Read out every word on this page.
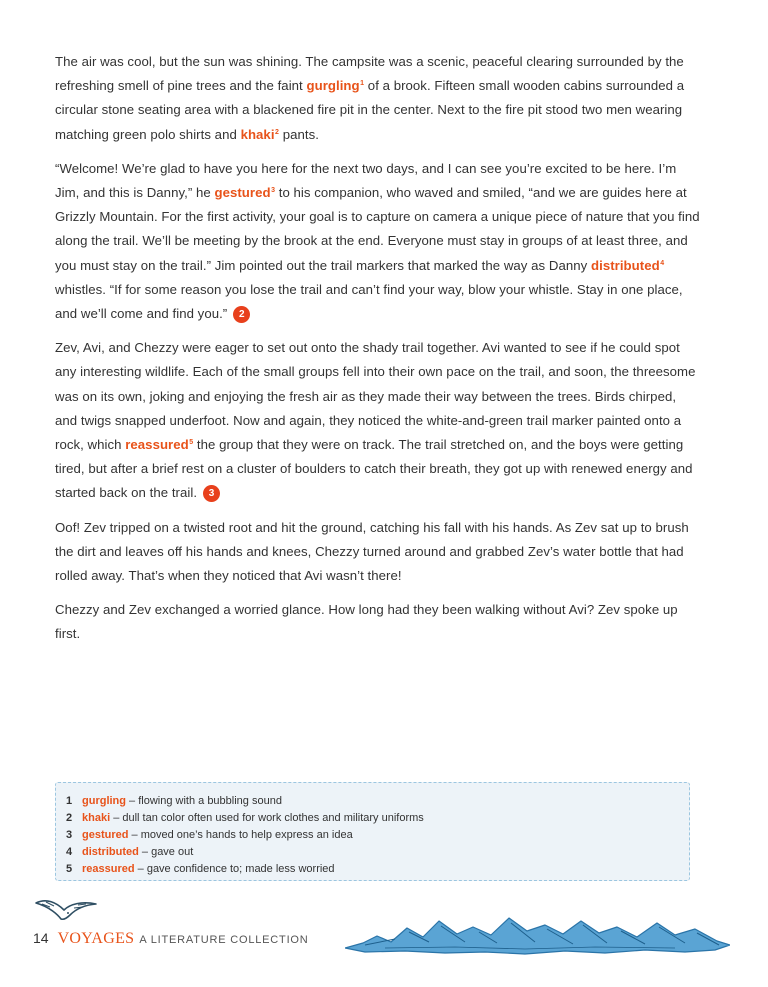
The air was cool, but the sun was shining. The campsite was a scenic, peaceful clearing surrounded by the refreshing smell of pine trees and the faint gurgling$^1$ of a brook. Fifteen small wooden cabins surrounded a circular stone seating area with a blackened fire pit in the center. Next to the fire pit stood two men wearing matching green polo shirts and khaki$^2$ pants.

“Welcome! We’re glad to have you here for the next two days, and I can see you’re excited to be here. I’m Jim, and this is Danny,” he gestured$^3$ to his companion, who waved and smiled, “and we are guides here at Grizzly Mountain. For the first activity, your goal is to capture on camera a unique piece of nature that you find along the trail. We’ll be meeting by the brook at the end. Everyone must stay in groups of at least three, and you must stay on the trail.” Jim pointed out the trail markers that marked the way as Danny distributed$^4$ whistles. “If for some reason you lose the trail and can’t find your way, blow your whistle. Stay in one place, and we’ll come and find you.” 2

Zev, Avi, and Chezzy were eager to set out onto the shady trail together. Avi wanted to see if he could spot any interesting wildlife. Each of the small groups fell into their own pace on the trail, and soon, the threesome was on its own, joking and enjoying the fresh air as they made their way between the trees. Birds chirped, and twigs snapped underfoot. Now and again, they noticed the white-and-green trail marker painted onto a rock, which reassured$^5$ the group that they were on track. The trail stretched on, and the boys were getting tired, but after a brief rest on a cluster of boulders to catch their breath, they got up with renewed energy and started back on the trail. 3

Oof! Zev tripped on a twisted root and hit the ground, catching his fall with his hands. As Zev sat up to brush the dirt and leaves off his hands and knees, Chezzy turned around and grabbed Zev’s water bottle that had rolled away. That’s when they noticed that Avi wasn’t there!

Chezzy and Zev exchanged a worried glance. How long had they been walking without Avi? Zev spoke up first.

1 gurgling – flowing with a bubbling sound
2 khaki – dull tan color often used for work clothes and military uniforms
3 gestured – moved one’s hands to help express an idea
4 distributed – gave out
5 reassured – gave confidence to; made less worried
14 VOYAGES A LITERATURE COLLECTION
